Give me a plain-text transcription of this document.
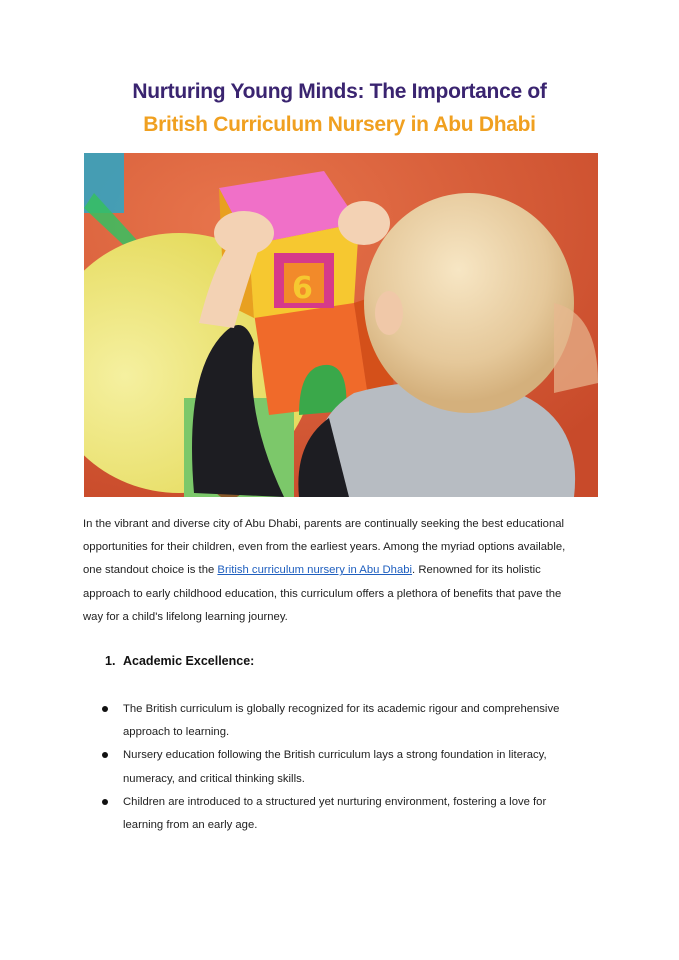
Nurturing Young Minds: The Importance of
British Curriculum Nursery in Abu Dhabi
6
In the vibrant and diverse city of Abu Dhabi, parents are continually seeking the best educational opportunities for their children, even from the earliest years. Among the myriad options available, one standout choice is the British curriculum nursery in Abu Dhabi. Renowned for its holistic approach to early childhood education, this curriculum offers a plethora of benefits that pave the way for a child's lifelong learning journey.
1. Academic Excellence:
The British curriculum is globally recognized for its academic rigour and comprehensive approach to learning.
Nursery education following the British curriculum lays a strong foundation in literacy, numeracy, and critical thinking skills.
Children are introduced to a structured yet nurturing environment, fostering a love for learning from an early age.
